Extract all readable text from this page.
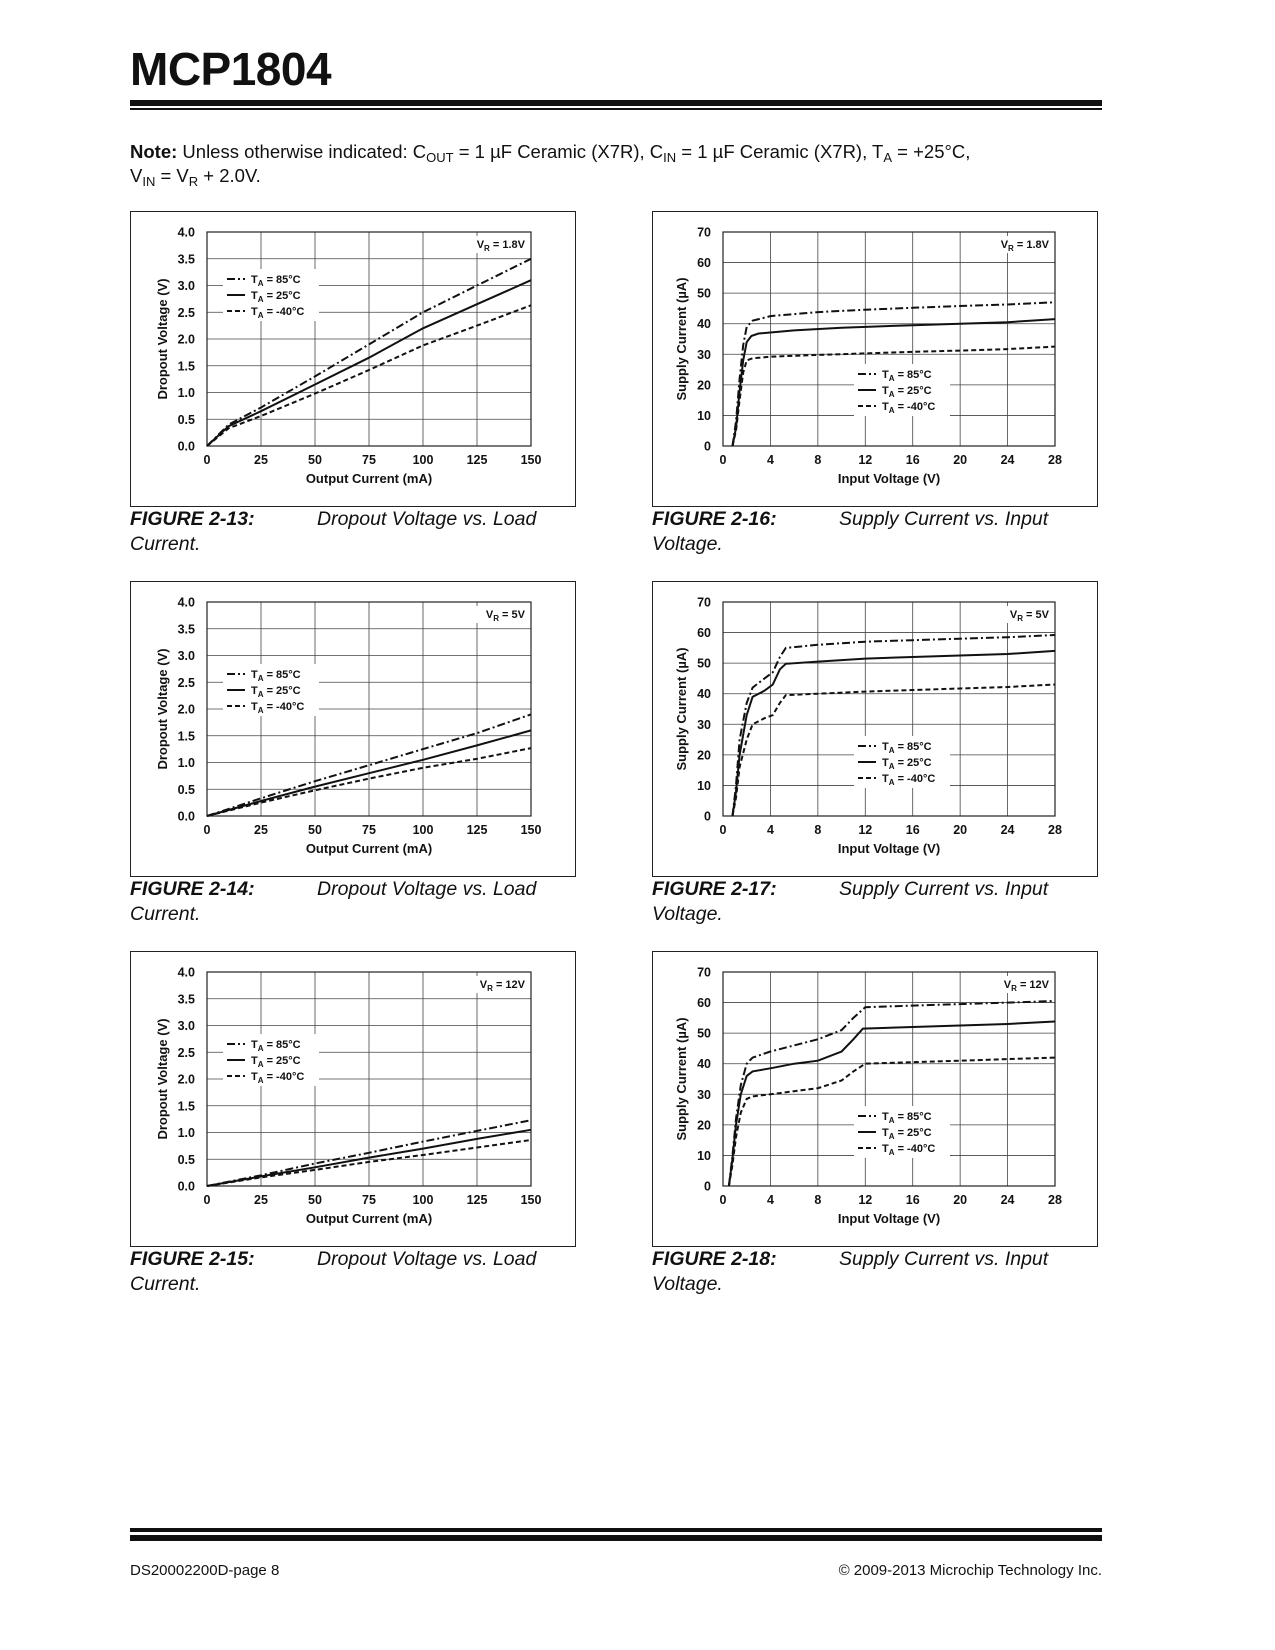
MCP1804
Note: Unless otherwise indicated: $C_{OUT} = 1$ µF Ceramic (X7R), $C_{IN} = 1$ µF Ceramic (X7R), $T_A = +25^\circ C$,
$V_{IN} = V_R + 2.0V$.
0	25	50	75	100	125	150
0.0
0.5
1.0
1.5
2.0
2.5
3.0
3.5
4.0
Output Current (mA)
Dropout Voltage (V)
$V_R = 1.8V$
$T_A = 85^\circ C$
$T_A = 25^\circ C$
$T_A = -40^\circ C$
0	25	50	75	100	125	150
0.0
0.5
1.0
1.5
2.0
2.5
3.0
3.5
4.0
Output Current (mA)
Dropout Voltage (V)
$V_R = 5V$
$T_A = 85^\circ C$
$T_A = 25^\circ C$
$T_A = -40^\circ C$
0	25	50	75	100	125	150
0.0
0.5
1.0
1.5
2.0
2.5
3.0
3.5
4.0
Output Current (mA)
Dropout Voltage (V)
$V_R = 12V$
$T_A = 85^\circ C$
$T_A = 25^\circ C$
$T_A = -40^\circ C$
0	4	8	12	16	20	24	28
0
10
20
30
40
50
60
70
Input Voltage (V)
Supply Current (µA)
$V_R = 1.8V$
$T_A = 85^\circ C$
$T_A = 25^\circ C$
$T_A = -40^\circ C$
0	4	8	12	16	20	24	28
0
10
20
30
40
50
60
70
Input Voltage (V)
Supply Current (µA)
$V_R = 5V$
$T_A = 85^\circ C$
$T_A = 25^\circ C$
$T_A = -40^\circ C$
0	4	8	12	16	20	24	28
0
10
20
30
40
50
60
70
Input Voltage (V)
Supply Current (µA)
$V_R = 12V$
$T_A = 85^\circ C$
$T_A = 25^\circ C$
$T_A = -40^\circ C$
FIGURE 2-13:	Dropout Voltage vs. Load
Current.
FIGURE 2-14:	Dropout Voltage vs. Load
Current.
FIGURE 2-15:	Dropout Voltage vs. Load
Current.
FIGURE 2-16:	Supply Current vs. Input
Voltage.
FIGURE 2-17:	Supply Current vs. Input
Voltage.
FIGURE 2-18:	Supply Current vs. Input
Voltage.
DS20002200D-page 8	© 2009-2013 Microchip Technology Inc.
